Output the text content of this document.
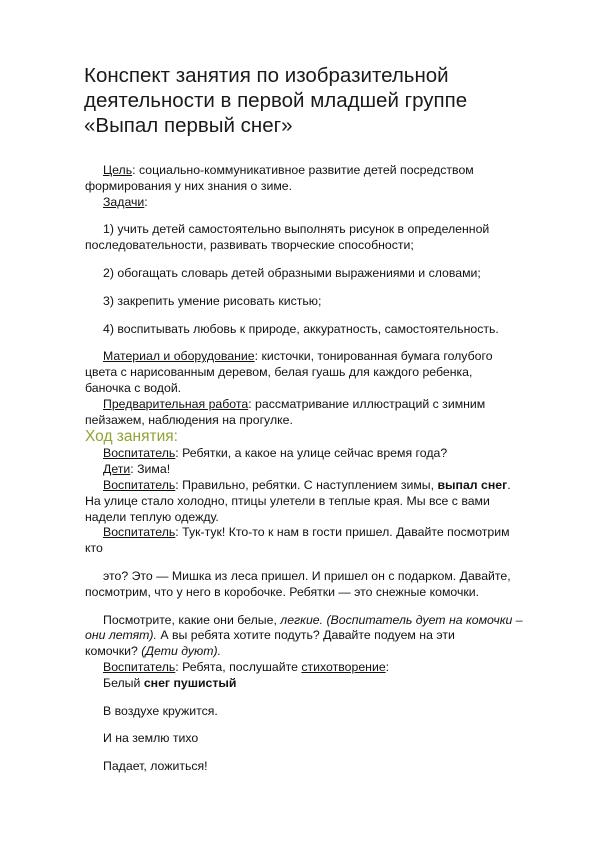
Конспект занятия по изобразительной
деятельности в первой младшей группе
«Выпал первый снег»
Цель: социально-коммуникативное развитие детей посредством
формирования у них знания о зиме.
Задачи:
1) учить детей самостоятельно выполнять рисунок в определенной
последовательности, развивать творческие способности;
2) обогащать словарь детей образными выражениями и словами;
3) закрепить умение рисовать кистью;
4) воспитывать любовь к природе, аккуратность, самостоятельность.
Материал и оборудование: кисточки, тонированная бумага голубого
цвета с нарисованным деревом, белая гуашь для каждого ребенка,
баночка с водой.
Предварительная работа: рассматривание иллюстраций с зимним
пейзажем, наблюдения на прогулке.
Ход занятия:
Воспитатель: Ребятки, а какое на улице сейчас время года?
Дети: Зима!
Воспитатель: Правильно, ребятки. С наступлением зимы, выпал снег.
На улице стало холодно, птицы улетели в теплые края. Мы все с вами
надели теплую одежду.
Воспитатель: Тук-тук! Кто-то к нам в гости пришел. Давайте посмотрим
кто
это? Это — Мишка из леса пришел. И пришел он с подарком. Давайте,
посмотрим, что у него в коробочке. Ребятки — это снежные комочки.
Посмотрите, какие они белые, легкие. (Воспитатель дует на комочки –
они летят). А вы ребята хотите подуть? Давайте подуем на эти
комочки? (Дети дуют).
Воспитатель: Ребята, послушайте стихотворение:
Белый снег пушистый
В воздухе кружится.
И на землю тихо
Падает, ложиться!
